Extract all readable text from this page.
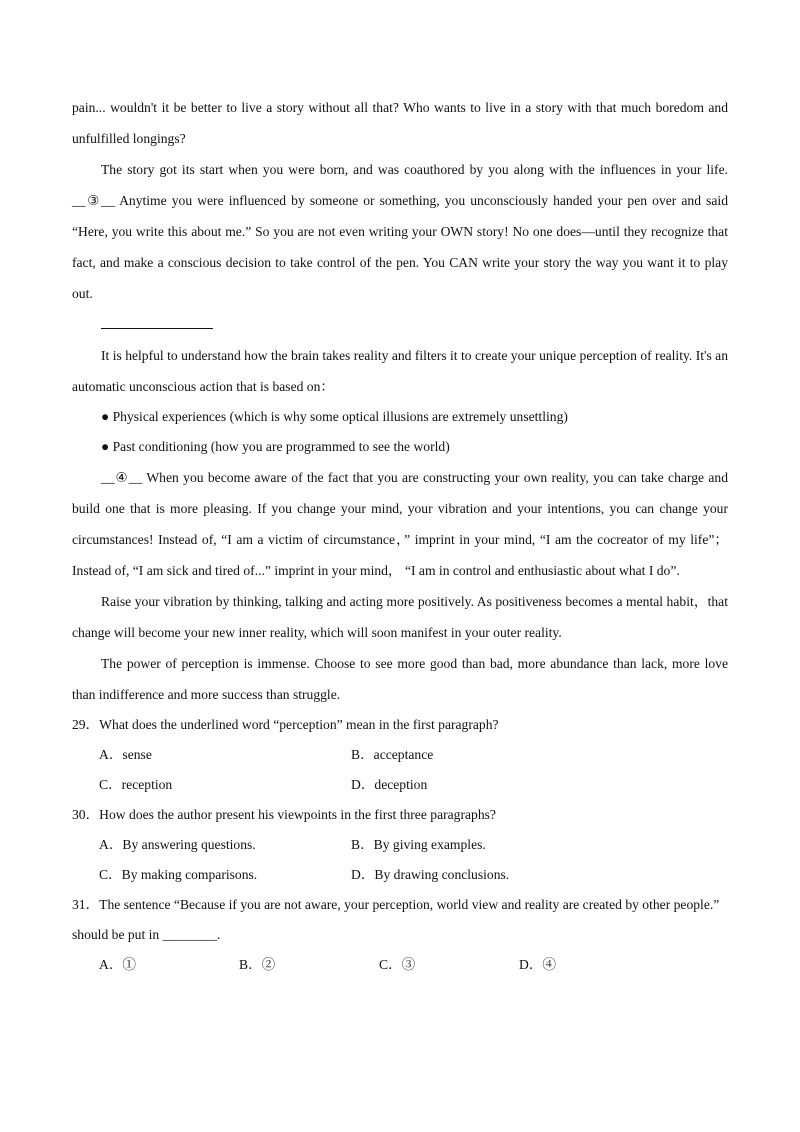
pain... wouldn't it be better to live a story without all that? Who wants to live in a story with that much boredom and unfulfilled longings?

The story got its start when you were born, and was coauthored by you along with the influences in your life. __③__ Anytime you were influenced by someone or something, you unconsciously handed your pen over and said “Here, you write this about me.” So you are not even writing your OWN story! No one does—until they recognize that fact, and make a conscious decision to take control of the pen. You CAN write your story the way you want it to play out.

It is helpful to understand how the brain takes reality and filters it to create your unique perception of reality. It's an automatic unconscious action that is based on：

● Physical experiences (which is why some optical illusions are extremely unsettling)

● Past conditioning (how you are programmed to see the world)

__④__ When you become aware of the fact that you are constructing your own reality, you can take charge and build one that is more pleasing. If you change your mind, your vibration and your intentions, you can change your circumstances! Instead of, “I am a victim of circumstance，” imprint in your mind, “I am the cocreator of my life”； Instead of, “I am sick and tired of...” imprint in your mind， “I am in control and enthusiastic about what I do”.

Raise your vibration by thinking, talking and acting more positively. As positiveness becomes a mental habit，that change will become your new inner reality, which will soon manifest in your outer reality.

The power of perception is immense. Choose to see more good than bad, more abundance than lack, more love than indifference and more success than struggle.

29．What does the underlined word “perception” mean in the first paragraph?

A．sense	B．acceptance
C．reception	D．deception

30．How does the author present his viewpoints in the first three paragraphs?

A．By answering questions.	B．By giving examples.
C．By making comparisons.	D．By drawing conclusions.

31．The sentence “Because if you are not aware, your perception, world view and reality are created by other people.” should be put in ________.

A．①	B．②	C．③	D．④
